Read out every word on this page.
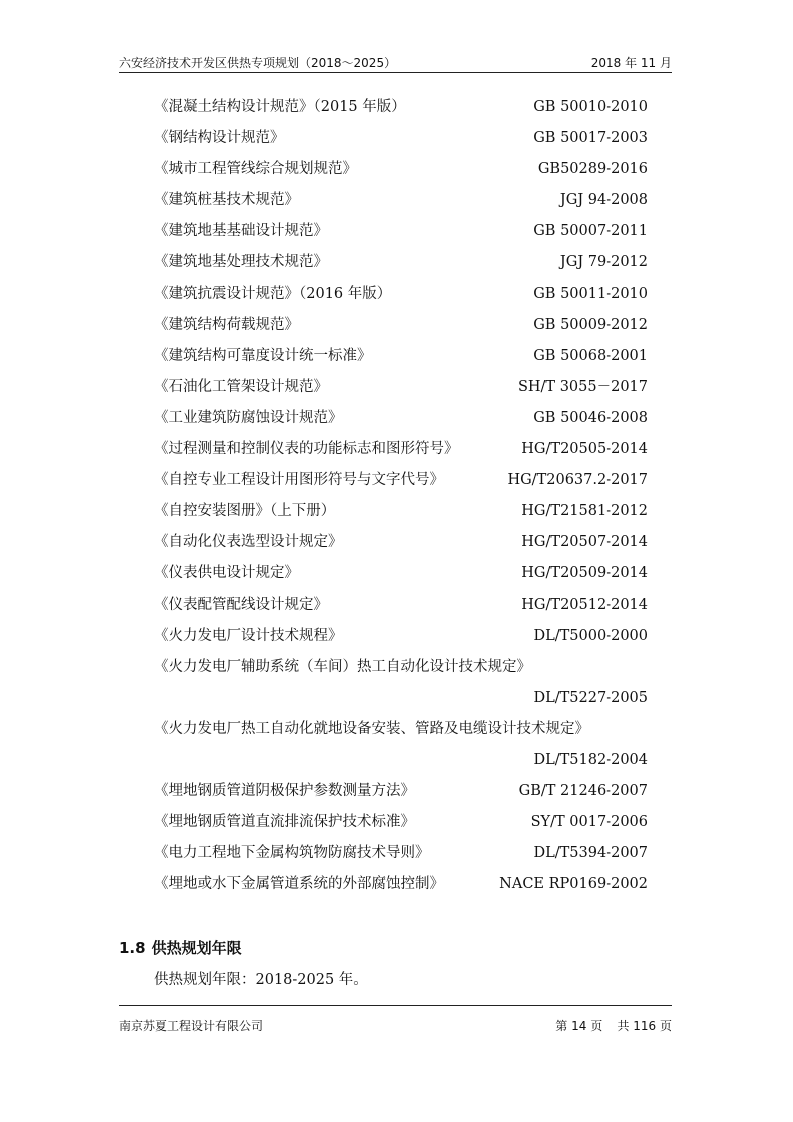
六安经济技术开发区供热专项规划（2018～2025）	2018 年 11 月
《混凝土结构设计规范》（2015 年版）	GB 50010-2010
《钢结构设计规范》	GB 50017-2003
《城市工程管线综合规划规范》	GB50289-2016
《建筑桩基技术规范》	JGJ 94-2008
《建筑地基基础设计规范》	GB 50007-2011
《建筑地基处理技术规范》	JGJ 79-2012
《建筑抗震设计规范》（2016 年版）	GB 50011-2010
《建筑结构荷载规范》	GB 50009-2012
《建筑结构可靠度设计统一标准》	GB 50068-2001
《石油化工管架设计规范》	SH/T 3055－2017
《工业建筑防腐蚀设计规范》	GB 50046-2008
《过程测量和控制仪表的功能标志和图形符号》	HG/T20505-2014
《自控专业工程设计用图形符号与文字代号》	HG/T20637.2-2017
《自控安装图册》（上下册）	HG/T21581-2012
《自动化仪表选型设计规定》	HG/T20507-2014
《仪表供电设计规定》	HG/T20509-2014
《仪表配管配线设计规定》	HG/T20512-2014
《火力发电厂设计技术规程》	DL/T5000-2000
《火力发电厂辅助系统（车间）热工自动化设计技术规定》
DL/T5227-2005
《火力发电厂热工自动化就地设备安装、管路及电缆设计技术规定》
DL/T5182-2004
《埋地钢质管道阴极保护参数测量方法》	GB/T 21246-2007
《埋地钢质管道直流排流保护技术标准》	SY/T 0017-2006
《电力工程地下金属构筑物防腐技术导则》	DL/T5394-2007
《埋地或水下金属管道系统的外部腐蚀控制》	NACE RP0169-2002
1.8 供热规划年限
供热规划年限：2018-2025 年。
南京苏夏工程设计有限公司	第 14 页    共 116 页
